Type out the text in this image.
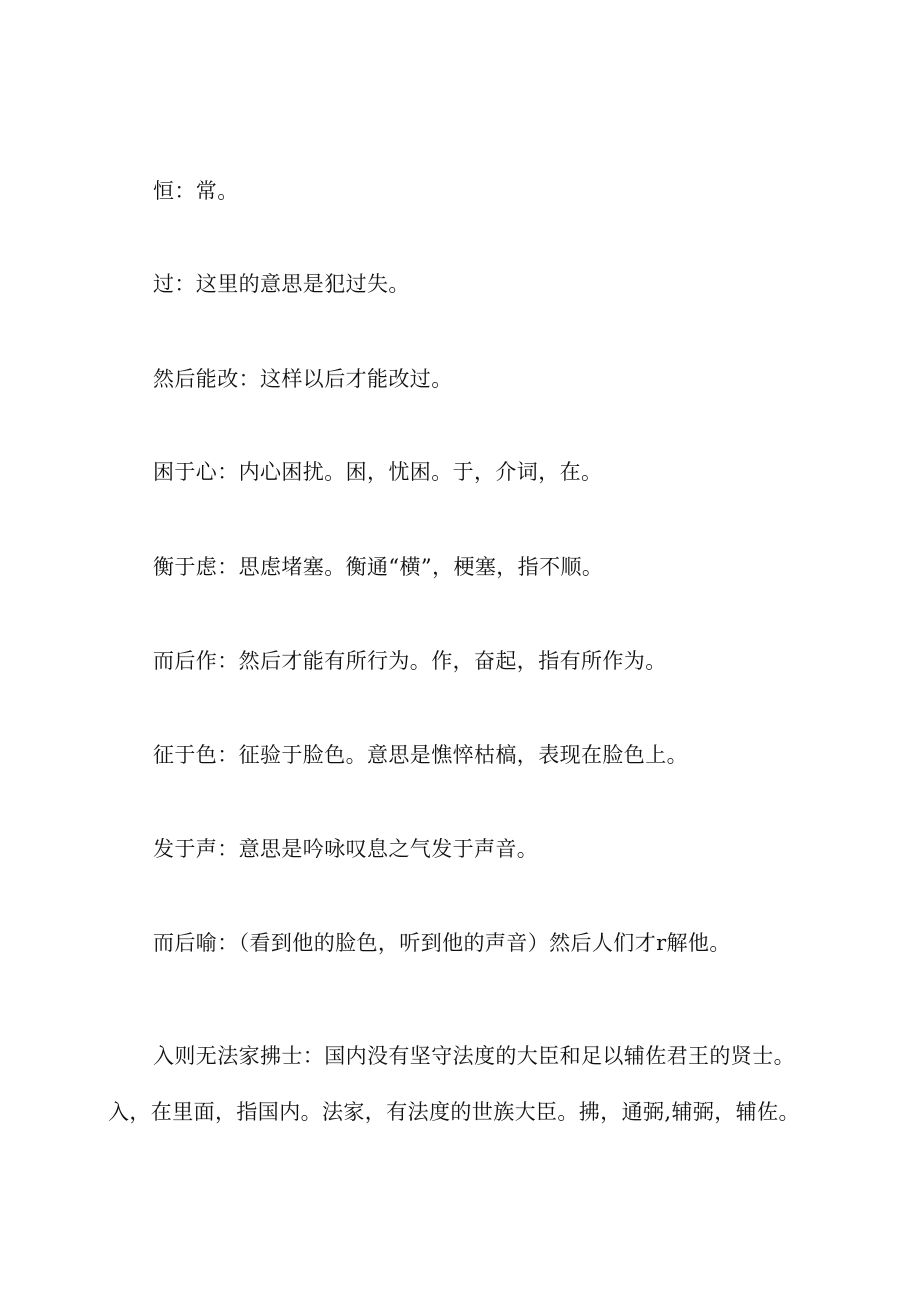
恒：常。
过：这里的意思是犯过失。
然后能改：这样以后才能改过。
困于心：内心困扰。困，忧困。于，介词，在。
衡于虑：思虑堵塞。衡通“横”，梗塞，指不顺。
而后作：然后才能有所行为。作，奋起，指有所作为。
征于色：征验于脸色。意思是憔悴枯槁，表现在脸色上。
发于声：意思是吟咏叹息之气发于声音。
而后喻：（看到他的脸色，听到他的声音）然后人们才r解他。
入则无法家拂士：国内没有坚守法度的大臣和足以辅佐君王的贤士。
入，在里面，指国内。法家，有法度的世族大臣。拂，通弼,辅弼，辅佐。
